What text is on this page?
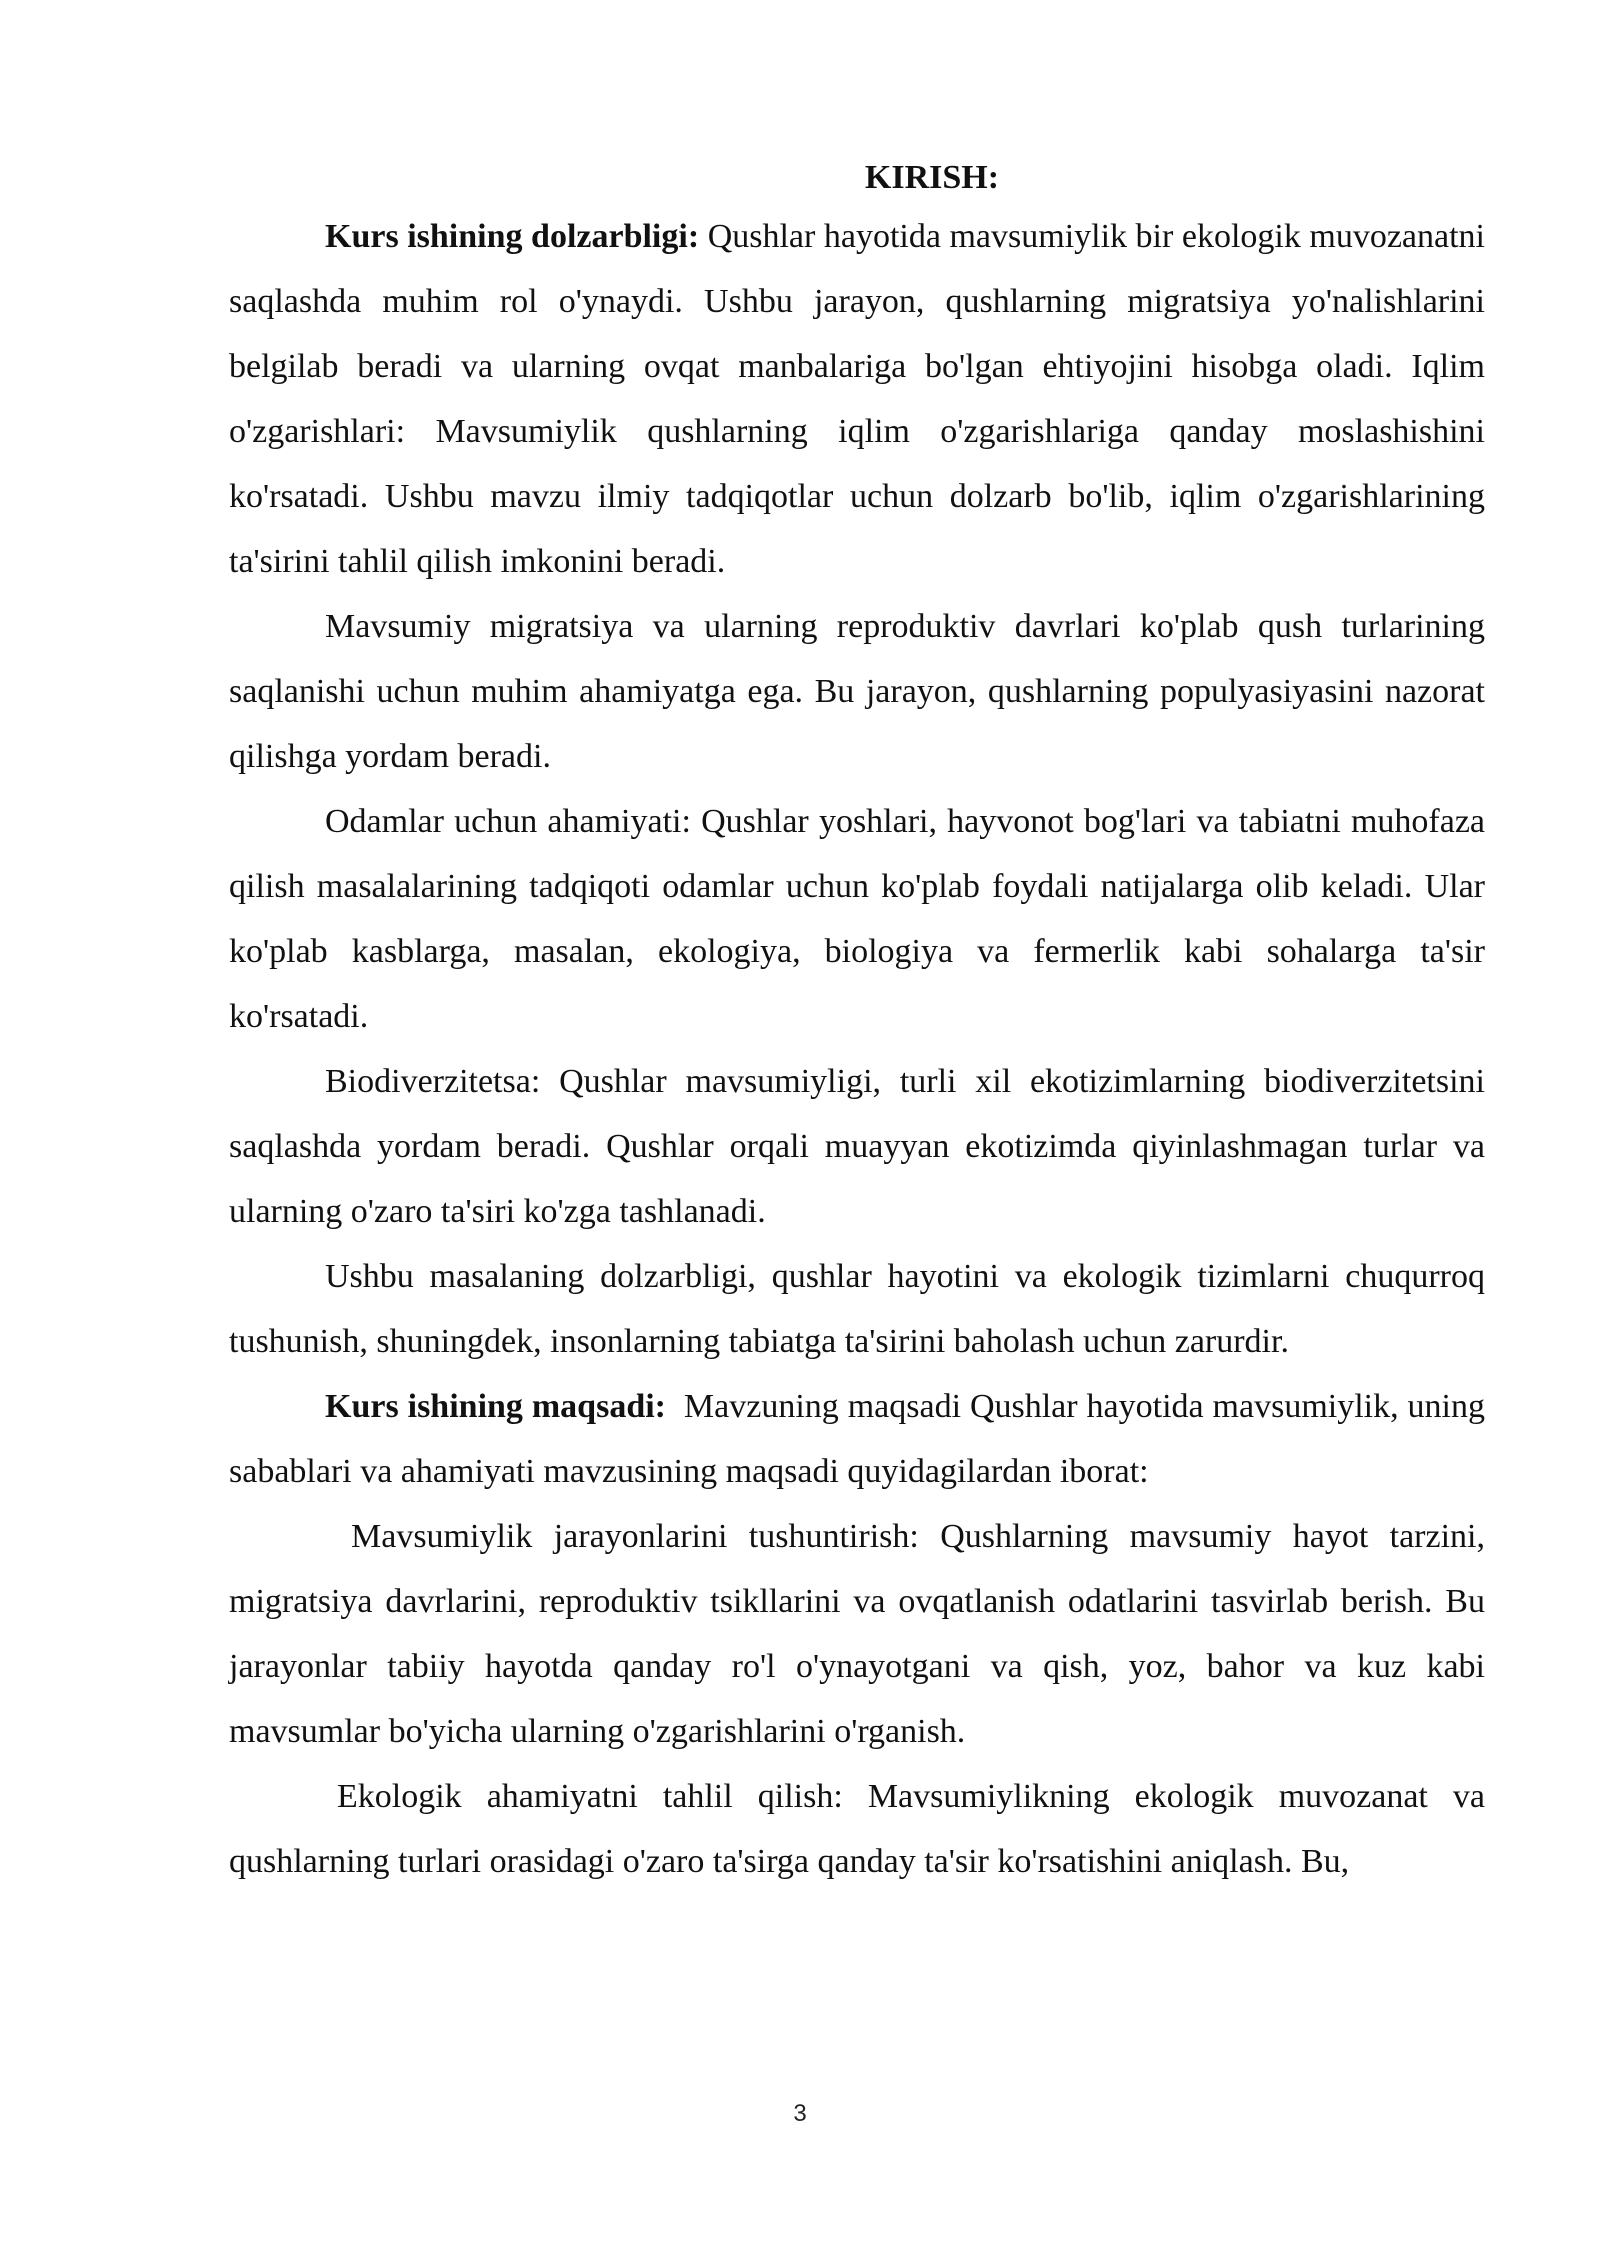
KIRISH:

Kurs ishining dolzarbligi: Qushlar hayotida mavsumiylik bir ekologik muvozanatni saqlashda muhim rol o'ynaydi. Ushbu jarayon, qushlarning migratsiya yo'nalishlarini belgilab beradi va ularning ovqat manbalariga bo'lgan ehtiyojini hisobga oladi. Iqlim o'zgarishlari: Mavsumiylik qushlarning iqlim o'zgarishlariga qanday moslashishini ko'rsatadi. Ushbu mavzu ilmiy tadqiqotlar uchun dolzarb bo'lib, iqlim o'zgarishlarining ta'sirini tahlil qilish imkonini beradi.

Mavsumiy migratsiya va ularning reproduktiv davrlari ko'plab qush turlarining saqlanishi uchun muhim ahamiyatga ega. Bu jarayon, qushlarning populyasiyasini nazorat qilishga yordam beradi.

Odamlar uchun ahamiyati: Qushlar yoshlari, hayvonot bog'lari va tabiatni muhofaza qilish masalalarining tadqiqoti odamlar uchun ko'plab foydali natijalarga olib keladi. Ular ko'plab kasblarga, masalan, ekologiya, biologiya va fermerlik kabi sohalarga ta'sir ko'rsatadi.

Biodiverzitetsa: Qushlar mavsumiyligi, turli xil ekotizimlarning biodiverzitetsini saqlashda yordam beradi. Qushlar orqali muayyan ekotizimda qiyinlashmagan turlar va ularning o'zaro ta'siri ko'zga tashlanadi.

Ushbu masalaning dolzarbligi, qushlar hayotini va ekologik tizimlarni chuqurroq tushunish, shuningdek, insonlarning tabiatga ta'sirini baholash uchun zarurdir.

Kurs ishining maqsadi:  Mavzuning maqsadi Qushlar hayotida mavsumiylik, uning sabablari va ahamiyati mavzusining maqsadi quyidagilardan iborat:

Mavsumiylik jarayonlarini tushuntirish: Qushlarning mavsumiy hayot tarzini, migratsiya davrlarini, reproduktiv tsikllarini va ovqatlanish odatlarini tasvirlab berish. Bu jarayonlar tabiiy hayotda qanday ro'l o'ynayotgani va qish, yoz, bahor va kuz kabi mavsumlar bo'yicha ularning o'zgarishlarini o'rganish.

Ekologik ahamiyatni tahlil qilish: Mavsumiylikning ekologik muvozanat va qushlarning turlari orasidagi o'zaro ta'sirga qanday ta'sir ko'rsatishini aniqlash. Bu,

3
